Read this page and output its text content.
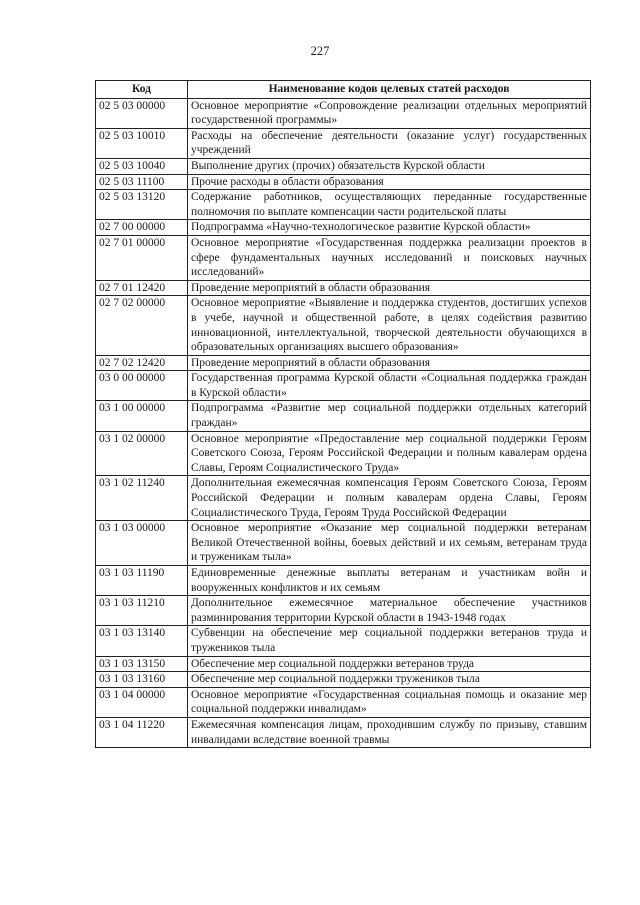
227
Код	Наименование кодов целевых статей расходов
02 5 03 00000	Основное мероприятие «Сопровождение реализации отдельных мероприятий государственной программы»
02 5 03 10010	Расходы на обеспечение деятельности (оказание услуг) государственных учреждений
02 5 03 10040	Выполнение других (прочих) обязательств Курской области
02 5 03 11100	Прочие расходы в области образования
02 5 03 13120	Содержание работников, осуществляющих переданные государственные полномочия по выплате компенсации части родительской платы
02 7 00 00000	Подпрограмма «Научно-технологическое развитие Курской области»
02 7 01 00000	Основное мероприятие «Государственная поддержка реализации проектов в сфере фундаментальных научных исследований и поисковых научных исследований»
02 7 01 12420	Проведение мероприятий в области образования
02 7 02 00000	Основное мероприятие «Выявление и поддержка студентов, достигших успехов в учебе, научной и общественной работе, в целях содействия развитию инновационной, интеллектуальной, творческой деятельности обучающихся в образовательных организациях высшего образования»
02 7 02 12420	Проведение мероприятий в области образования
03 0 00 00000	Государственная программа Курской области «Социальная поддержка граждан в Курской области»
03 1 00 00000	Подпрограмма «Развитие мер социальной поддержки отдельных категорий граждан»
03 1 02 00000	Основное мероприятие «Предоставление мер социальной поддержки Героям Советского Союза, Героям Российской Федерации и полным кавалерам ордена Славы, Героям Социалистического Труда»
03 1 02 11240	Дополнительная ежемесячная компенсация Героям Советского Союза, Героям Российской Федерации и полным кавалерам ордена Славы, Героям Социалистического Труда, Героям Труда Российской Федерации
03 1 03 00000	Основное мероприятие «Оказание мер социальной поддержки ветеранам Великой Отечественной войны, боевых действий и их семьям, ветеранам труда и труженикам тыла»
03 1 03 11190	Единовременные денежные выплаты ветеранам и участникам войн и вооруженных конфликтов и их семьям
03 1 03 11210	Дополнительное ежемесячное материальное обеспечение участников разминирования территории Курской области в 1943-1948 годах
03 1 03 13140	Субвенции на обеспечение мер социальной поддержки ветеранов труда и тружеников тыла
03 1 03 13150	Обеспечение мер социальной поддержки ветеранов труда
03 1 03 13160	Обеспечение мер социальной поддержки тружеников тыла
03 1 04 00000	Основное мероприятие «Государственная социальная помощь и оказание мер социальной поддержки инвалидам»
03 1 04 11220	Ежемесячная компенсация лицам, проходившим службу по призыву, ставшим инвалидами вследствие военной травмы
